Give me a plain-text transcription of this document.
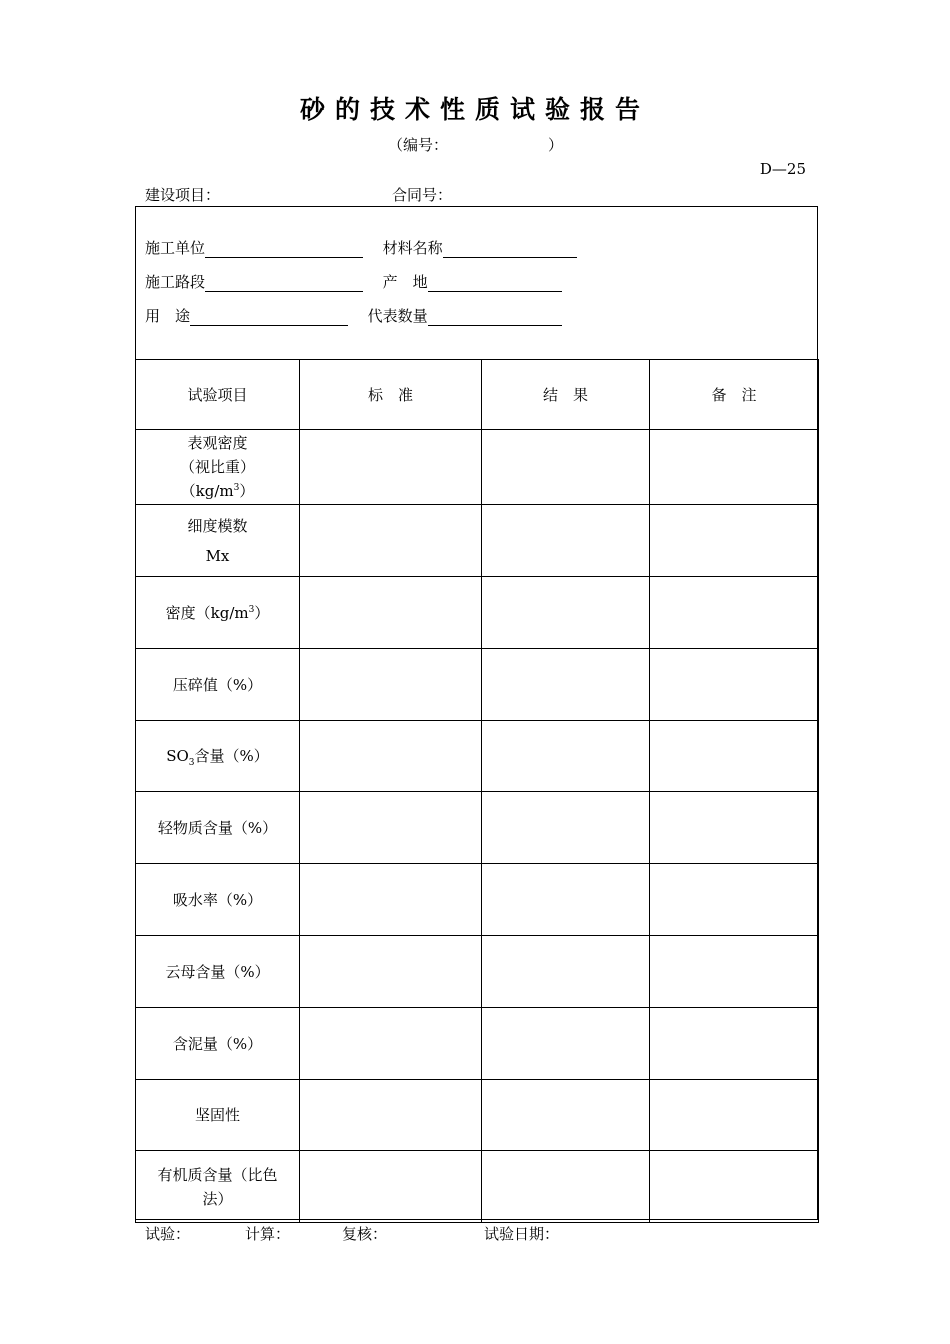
砂的技术性质试验报告
（编号：	）
D—25
建设项目：	合同号：
施工单位	材料名称
施工路段	产　地
用　途	代表数量
试验项目	标　准	结　果	备　注

表观密度
（视比重）
$(kg/m^3)$			

细度模数
Mx			

密度$(kg/m^3)$			
压碎值（%）			
$SO_3$含量（%）			
轻物质含量（%）			
吸水率（%）			
云母含量（%）			
含泥量（%）			
坚固性			

有机质含量（比色
法）			

试验：	计算：	复核：	试验日期：
